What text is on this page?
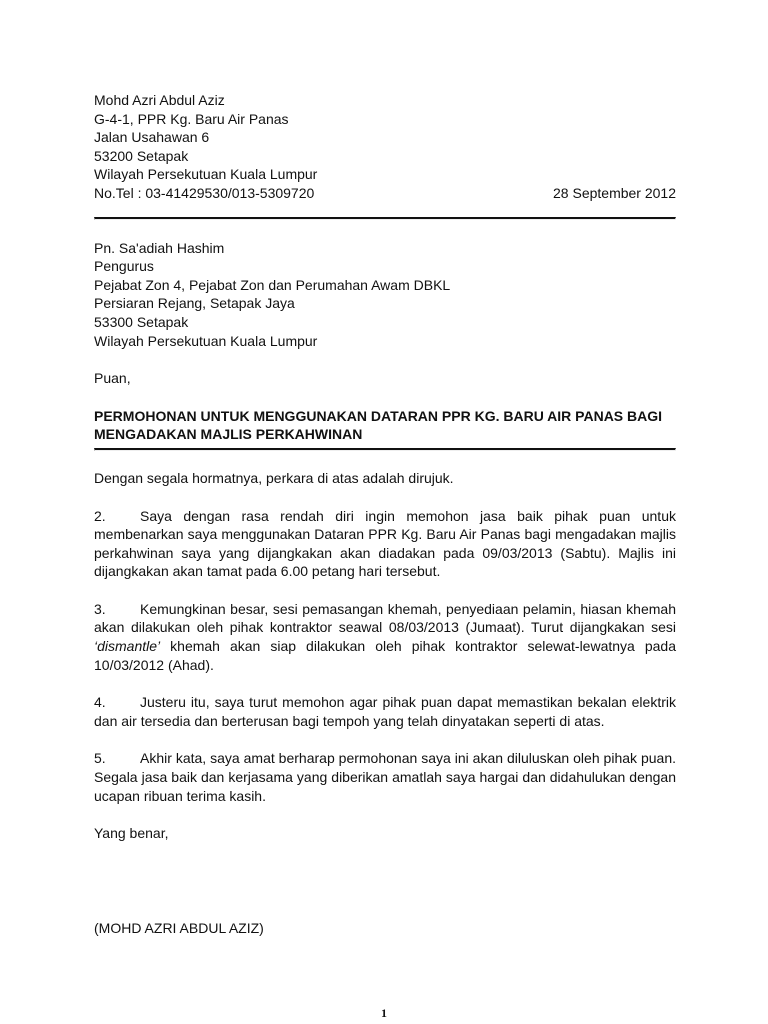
Mohd Azri Abdul Aziz
G-4-1, PPR Kg. Baru Air Panas
Jalan Usahawan 6
53200 Setapak
Wilayah Persekutuan Kuala Lumpur
No.Tel : 03-41429530/013-5309720	28 September 2012
Pn. Sa'adiah Hashim
Pengurus
Pejabat Zon 4, Pejabat Zon dan Perumahan Awam DBKL
Persiaran Rejang, Setapak Jaya
53300 Setapak
Wilayah Persekutuan Kuala Lumpur
Puan,
PERMOHONAN UNTUK MENGGUNAKAN DATARAN PPR KG. BARU AIR PANAS BAGI MENGADAKAN MAJLIS PERKAHWINAN

Dengan segala hormatnya, perkara di atas adalah dirujuk.

2. Saya dengan rasa rendah diri ingin memohon jasa baik pihak puan untuk membenarkan saya menggunakan Dataran PPR Kg. Baru Air Panas bagi mengadakan majlis perkahwinan saya yang dijangkakan akan diadakan pada 09/03/2013 (Sabtu). Majlis ini dijangkakan akan tamat pada 6.00 petang hari tersebut.

3. Kemungkinan besar, sesi pemasangan khemah, penyediaan pelamin, hiasan khemah akan dilakukan oleh pihak kontraktor seawal 08/03/2013 (Jumaat). Turut dijangkakan sesi ‘dismantle’ khemah akan siap dilakukan oleh pihak kontraktor selewat-lewatnya pada 10/03/2012 (Ahad).

4. Justeru itu, saya turut memohon agar pihak puan dapat memastikan bekalan elektrik dan air tersedia dan berterusan bagi tempoh yang telah dinyatakan seperti di atas.

5. Akhir kata, saya amat berharap permohonan saya ini akan diluluskan oleh pihak puan. Segala jasa baik dan kerjasama yang diberikan amatlah saya hargai dan didahulukan dengan ucapan ribuan terima kasih.

Yang benar,
(MOHD AZRI ABDUL AZIZ)
1
